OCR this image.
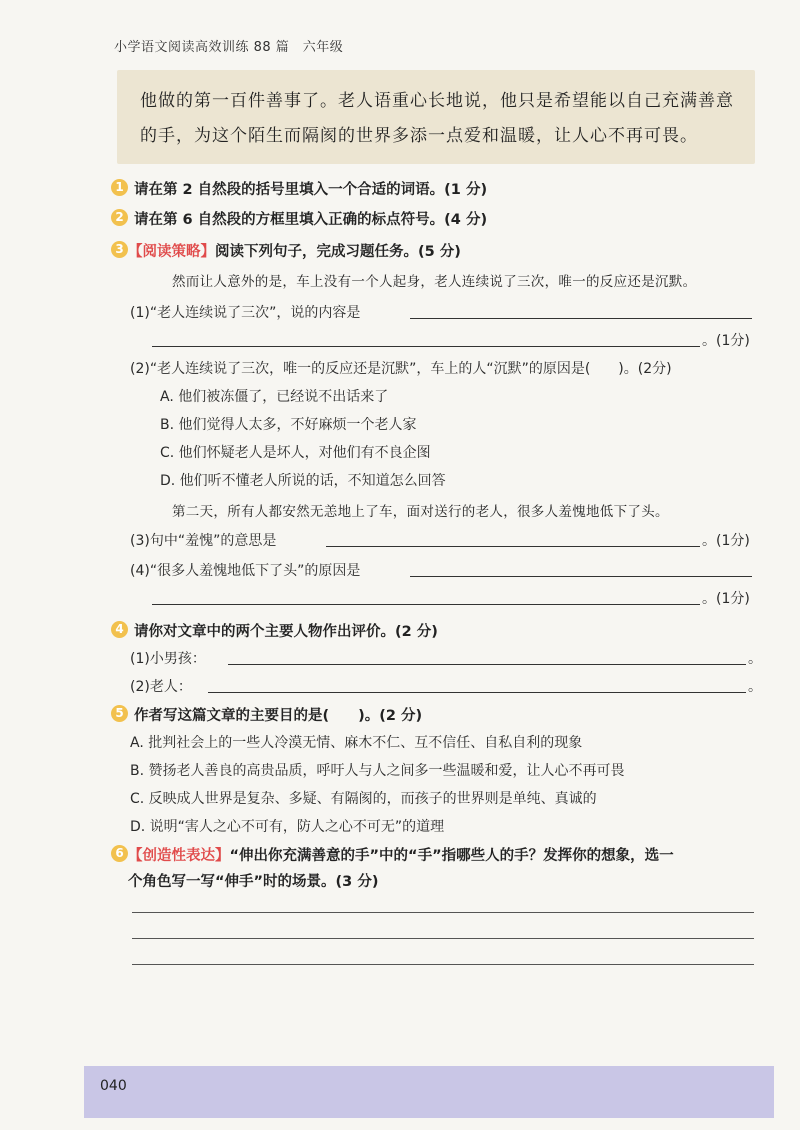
小学语文阅读高效训练 88 篇　六年级
他做的第一百件善事了。老人语重心长地说，他只是希望能以自己充满善意
的手，为这个陌生而隔阂的世界多添一点爱和温暖，让人心不再可畏。
1 请在第 2 自然段的括号里填入一个合适的词语。(1 分)
2 请在第 6 自然段的方框里填入正确的标点符号。(4 分)
3 【阅读策略】阅读下列句子，完成习题任务。(5 分)
然而让人意外的是，车上没有一个人起身，老人连续说了三次，唯一的反应还是沉默。
(1)“老人连续说了三次”，说的内容是
。(1分)
(2)“老人连续说了三次，唯一的反应还是沉默”，车上的人“沉默”的原因是(　　)。(2分)
A. 他们被冻僵了，已经说不出话来了
B. 他们觉得人太多，不好麻烦一个老人家
C. 他们怀疑老人是坏人，对他们有不良企图
D. 他们听不懂老人所说的话，不知道怎么回答
第二天，所有人都安然无恙地上了车，面对送行的老人，很多人羞愧地低下了头。
(3)句中“羞愧”的意思是	。(1分)
(4)“很多人羞愧地低下了头”的原因是
。(1分)
4 请你对文章中的两个主要人物作出评价。(2 分)
(1)小男孩：	。
(2)老人：	。
5 作者写这篇文章的主要目的是(　　)。(2 分)
A. 批判社会上的一些人冷漠无情、麻木不仁、互不信任、自私自利的现象
B. 赞扬老人善良的高贵品质，呼吁人与人之间多一些温暖和爱，让人心不再可畏
C. 反映成人世界是复杂、多疑、有隔阂的，而孩子的世界则是单纯、真诚的
D. 说明“害人之心不可有，防人之心不可无”的道理
6 【创造性表达】“伸出你充满善意的手”中的“手”指哪些人的手？发挥你的想象，选一
个角色写一写“伸手”时的场景。(3 分)
040
